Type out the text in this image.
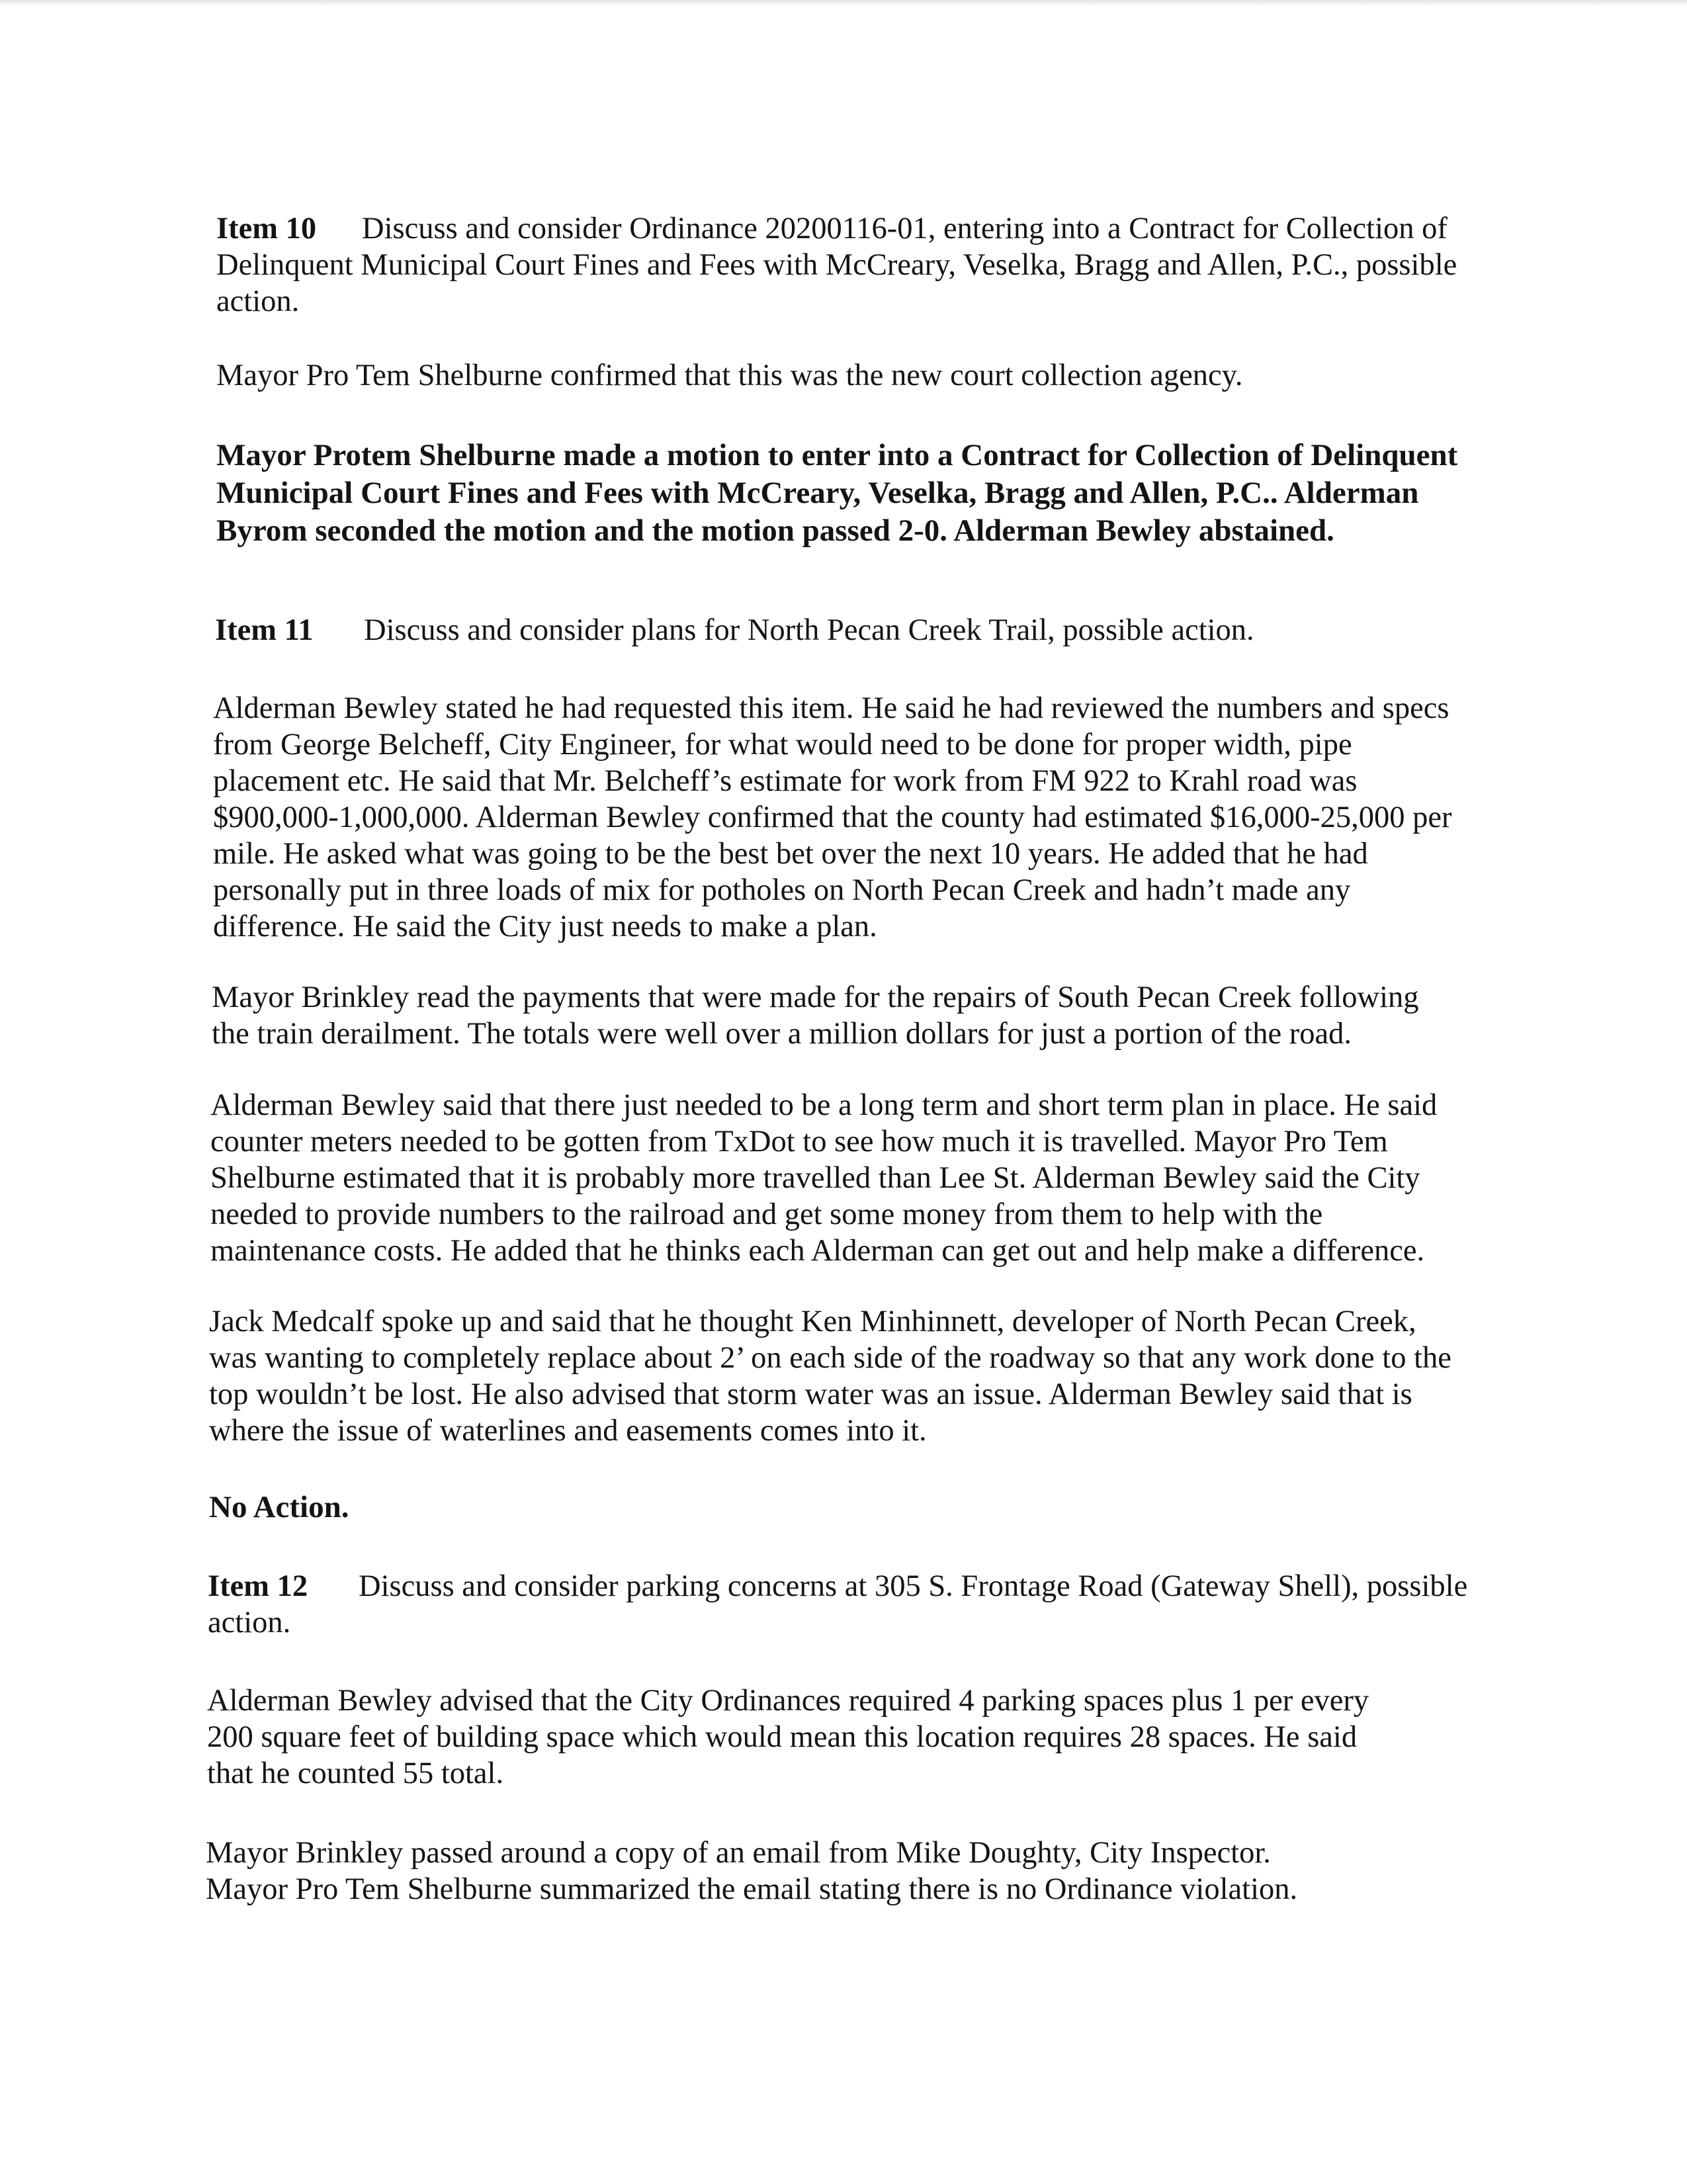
Item 10 Discuss and consider Ordinance 20200116-01, entering into a Contract for Collection of
Delinquent Municipal Court Fines and Fees with McCreary, Veselka, Bragg and Allen, P.C., possible
action.
Mayor Pro Tem Shelburne confirmed that this was the new court collection agency.
Mayor Protem Shelburne made a motion to enter into a Contract for Collection of Delinquent
Municipal Court Fines and Fees with McCreary, Veselka, Bragg and Allen, P.C.. Alderman
Byrom seconded the motion and the motion passed 2-0. Alderman Bewley abstained.
Item 11 Discuss and consider plans for North Pecan Creek Trail, possible action.
Alderman Bewley stated he had requested this item. He said he had reviewed the numbers and specs
from George Belcheff, City Engineer, for what would need to be done for proper width, pipe
placement etc. He said that Mr. Belcheff’s estimate for work from FM 922 to Krahl road was
$900,000-1,000,000. Alderman Bewley confirmed that the county had estimated $16,000-25,000 per
mile. He asked what was going to be the best bet over the next 10 years. He added that he had
personally put in three loads of mix for potholes on North Pecan Creek and hadn’t made any
difference. He said the City just needs to make a plan.
Mayor Brinkley read the payments that were made for the repairs of South Pecan Creek following
the train derailment. The totals were well over a million dollars for just a portion of the road.
Alderman Bewley said that there just needed to be a long term and short term plan in place. He said
counter meters needed to be gotten from TxDot to see how much it is travelled. Mayor Pro Tem
Shelburne estimated that it is probably more travelled than Lee St. Alderman Bewley said the City
needed to provide numbers to the railroad and get some money from them to help with the
maintenance costs. He added that he thinks each Alderman can get out and help make a difference.
Jack Medcalf spoke up and said that he thought Ken Minhinnett, developer of North Pecan Creek,
was wanting to completely replace about 2’ on each side of the roadway so that any work done to the
top wouldn’t be lost. He also advised that storm water was an issue. Alderman Bewley said that is
where the issue of waterlines and easements comes into it.
No Action.
Item 12 Discuss and consider parking concerns at 305 S. Frontage Road (Gateway Shell), possible
action.
Alderman Bewley advised that the City Ordinances required 4 parking spaces plus 1 per every
200 square feet of building space which would mean this location requires 28 spaces. He said
that he counted 55 total.
Mayor Brinkley passed around a copy of an email from Mike Doughty, City Inspector.
Mayor Pro Tem Shelburne summarized the email stating there is no Ordinance violation.
